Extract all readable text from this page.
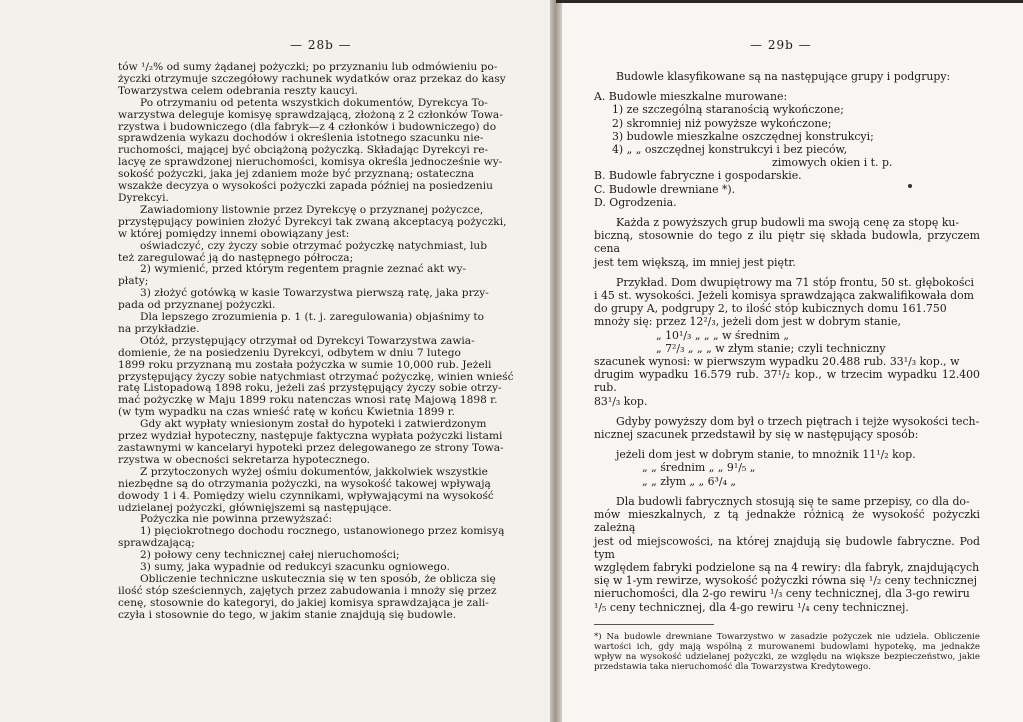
— 28b —

tów ¹/₂% od sumy żądanej pożyczki; po przyznaniu lub odmówieniu po-

życzki otrzymuje szczegółowy rachunek wydatków oraz przekaz do kasy

Towarzystwa celem odebrania reszty kaucyi.

Po otrzymaniu od petenta wszystkich dokumentów, Dyrekcya To-

warzystwa deleguje komisyę sprawdzającą, złożoną z 2 członków Towa-

rzystwa i budowniczego (dla fabryk—z 4 członków i budowniczego) do

sprawdzenia wykazu dochodów i określenia istotnego szacunku nie-

ruchomości, mającej być obciążoną pożyczką. Składając Dyrekcyi re-

lacyę ze sprawdzonej nieruchomości, komisya określa jednocześnie wy-

sokość pożyczki, jaka jej zdaniem może być przyznaną; ostateczna

wszakże decyzya o wysokości pożyczki zapada później na posiedzeniu

Dyrekcyi.

Zawiadomiony listownie przez Dyrekcyę o przyznanej pożyczce,

przystępujący powinien złożyć Dyrekcyi tak zwaną akceptacyą pożyczki,

w której pomiędzy innemi obowiązany jest:

oświadczyć, czy życzy sobie otrzymać pożyczkę natychmiast, lub

też zaregulować ją do następnego półrocza;

2) wymienić, przed którym regentem pragnie zeznać akt wy-

płaty;

3) złożyć gotówką w kasie Towarzystwa pierwszą ratę, jaka przy-

pada od przyznanej pożyczki.

Dla lepszego zrozumienia p. 1 (t. j. zaregulowania) objaśnimy to

na przykładzie.

Otóż, przystępujący otrzymał od Dyrekcyi Towarzystwa zawia-

domienie, że na posiedzeniu Dyrekcyi, odbytem w dniu 7 lutego

1899 roku przyznaną mu została pożyczka w sumie 10,000 rub. Jeżeli

przystępujący życzy sobie natychmiast otrzymać pożyczkę, winien wnieść

ratę Listopadową 1898 roku, jeżeli zaś przystępujący życzy sobie otrzy-

mać pożyczkę w Maju 1899 roku natenczas wnosi ratę Majową 1898 r.

(w tym wypadku na czas wnieść ratę w końcu Kwietnia 1899 r.

Gdy akt wypłaty wniesionym został do hypoteki i zatwierdzonym

przez wydział hypoteczny, następuje faktyczna wypłata pożyczki listami

zastawnymi w kancelaryi hypoteki przez delegowanego ze strony Towa-

rzystwa w obecności sekretarza hypotecznego.

Z przytoczonych wyżej ośmiu dokumentów, jakkolwiek wszystkie

niezbędne są do otrzymania pożyczki, na wysokość takowej wpływają

dowody 1 i 4. Pomiędzy wielu czynnikami, wpływającymi na wysokość

udzielanej pożyczki, głównięjszemi są następujące.

Pożyczka nie powinna przewyższać:

1) pięciokrotnego dochodu rocznego, ustanowionego przez komisyą

sprawdzającą;

2) połowy ceny technicznej całej nieruchomości;

3) sumy, jaka wypadnie od redukcyi szacunku ogniowego.

Obliczenie techniczne uskutecznia się w ten sposób, że oblicza się

ilość stóp sześciennych, zajętych przez zabudowania i mnoży się przez

cenę, stosownie do kategoryi, do jakiej komisya sprawdzająca je zali-

czyła i stosownie do tego, w jakim stanie znajdują się budowle.

— 29b —

Budowle klasyfikowane są na następujące grupy i podgrupy:

A. Budowle mieszkalne murowane:

1) ze szczególną staranością wykończone;

2) skromniej niż powyższe wykończone;

3) budowle mieszkalne oszczędnej konstrukcyi;

4) „ „ oszczędnej konstrukcyi i bez pieców,

zimowych okien i t. p.

B. Budowle fabryczne i gospodarskie.

C. Budowle drewniane *).

D. Ogrodzenia.

Każda z powyższych grup budowli ma swoją cenę za stopę ku-

biczną, stosownie do tego z ilu piętr się składa budowla, przyczem cena

jest tem większą, im mniej jest piętr.

Przykład. Dom dwupiętrowy ma 71 stóp frontu, 50 st. głębokości

i 45 st. wysokości. Jeżeli komisya sprawdzająca zakwalifikowała dom

do grupy A, podgrupy 2, to ilość stóp kubicznych domu 161.750

mnoży się: przez 12²/₃, jeżeli dom jest w dobrym stanie,

„ 10¹/₃ „ „ „ w średnim „

„ 7²/₃ „ „ „ w złym stanie; czyli techniczny

szacunek wynosi: w pierwszym wypadku 20.488 rub. 33¹/₃ kop., w

drugim wypadku 16.579 rub. 37¹/₂ kop., w trzecim wypadku 12.400 rub.

83¹/₃ kop.

Gdyby powyższy dom był o trzech piętrach i tejże wysokości tech-

nicznej szacunek przedstawił by się w następujący sposób:

jeżeli dom jest w dobrym stanie, to mnożnik 11¹/₂ kop.

„ „ średnim „ „ 9¹/₅ „

„ „ złym „ „ 6³/₄ „

Dla budowli fabrycznych stosują się te same przepisy, co dla do-

mów mieszkalnych, z tą jednakże różnicą że wysokość pożyczki zależną

jest od miejscowości, na której znajdują się budowle fabryczne. Pod tym

względem fabryki podzielone są na 4 rewiry: dla fabryk, znajdujących

się w 1-ym rewirze, wysokość pożyczki równa się ¹/₂ ceny technicznej

nieruchomości, dla 2-go rewiru ¹/₃ ceny technicznej, dla 3-go rewiru

¹/₅ ceny technicznej, dla 4-go rewiru ¹/₄ ceny technicznej.

*) Na budowle drewniane Towarzystwo w zasadzie pożyczek nie udziela. Obliczenie wartości ich, gdy mają wspólną z murowanemi budowlami hypotekę, ma jednakże wpływ na wysokość udzielanej pożyczki, ze względu na większe bezpieczeństwo, jakie przedstawia taka nieruchomość dla Towarzystwa Kredytowego.
